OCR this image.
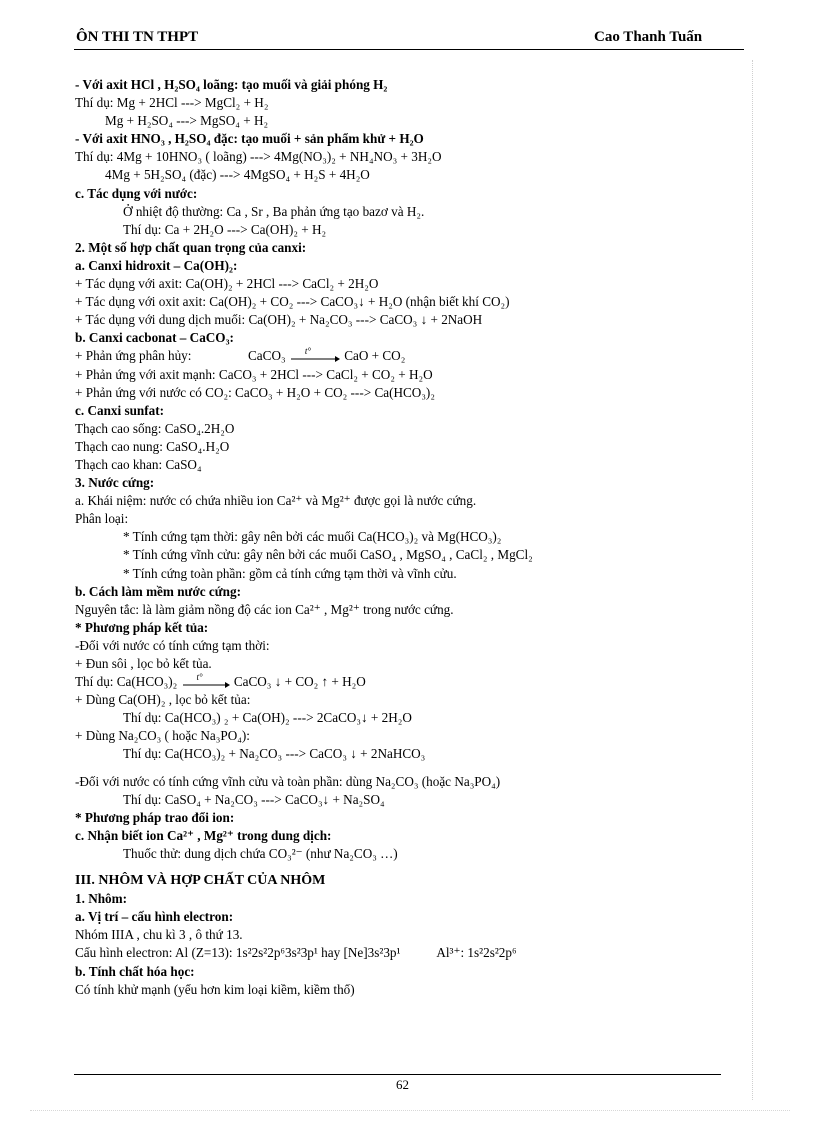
ÔN THI TN THPT	Cao Thanh Tuấn
- Với axit HCl , H₂SO₄ loãng: tạo muối và giải phóng H₂
Thí dụ: Mg + 2HCl ---> MgCl₂ + H₂
Mg + H₂SO₄ ---> MgSO₄ + H₂
- Với axit HNO₃ , H₂SO₄ đặc: tạo muối + sản phẩm khử + H₂O
Thí dụ: 4Mg + 10HNO₃ ( loãng) ---> 4Mg(NO₃)₂ + NH₄NO₃ + 3H₂O
4Mg + 5H₂SO₄ (đặc) ---> 4MgSO₄ + H₂S + 4H₂O
c. Tác dụng với nước:
Ở nhiệt độ thường: Ca , Sr , Ba phản ứng tạo bazơ và H₂.
Thí dụ: Ca + 2H₂O ---> Ca(OH)₂ + H₂
2. Một số hợp chất quan trọng của canxi:
a. Canxi hidroxit – Ca(OH)₂:
+ Tác dụng với axit: Ca(OH)₂ + 2HCl ---> CaCl₂ + 2H₂O
+ Tác dụng với oxit axit: Ca(OH)₂ + CO₂ ---> CaCO₃↓ + H₂O (nhận biết khí CO₂)
+ Tác dụng với dung dịch muối: Ca(OH)₂ + Na₂CO₃ ---> CaCO₃ ↓ + 2NaOH
b. Canxi cacbonat – CaCO₃:
+ Phản ứng phân hủy:	CaCO₃ t°	CaO + CO₂
+ Phản ứng với axit mạnh: CaCO₃ + 2HCl ---> CaCl₂ + CO₂ + H₂O
+ Phản ứng với nước có CO₂: CaCO₃ + H₂O + CO₂ ---> Ca(HCO₃)₂
c. Canxi sunfat:
Thạch cao sống: CaSO₄.2H₂O
Thạch cao nung: CaSO₄.H₂O
Thạch cao khan: CaSO₄
3. Nước cứng:
a. Khái niệm: nước có chứa nhiều ion Ca²⁺ và Mg²⁺ được gọi là nước cứng.
Phân loại:
* Tính cứng tạm thời: gây nên bởi các muối Ca(HCO₃)₂ và Mg(HCO₃)₂
* Tính cứng vĩnh cửu: gây nên bởi các muối CaSO₄ , MgSO₄ , CaCl₂ , MgCl₂
* Tính cứng toàn phần: gồm cả tính cứng tạm thời và vĩnh cửu.
b. Cách làm mềm nước cứng:
Nguyên tắc: là làm giảm nồng độ các ion Ca²⁺ , Mg²⁺ trong nước cứng.
* Phương pháp kết tủa:
-Đối với nước có tính cứng tạm thời:
+ Đun sôi , lọc bỏ kết tủa.
Thí dụ: Ca(HCO₃)₂ t° CaCO₃ ↓ + CO₂ ↑ + H₂O
+ Dùng Ca(OH)₂ , lọc bỏ kết tủa:
Thí dụ: Ca(HCO₃) ₂ + Ca(OH)₂ ---> 2CaCO₃↓ + 2H₂O
+ Dùng Na₂CO₃ ( hoặc Na₃PO₄):
Thí dụ: Ca(HCO₃)₂ + Na₂CO₃ ---> CaCO₃ ↓ + 2NaHCO₃
-Đối với nước có tính cứng vĩnh cửu và toàn phần: dùng Na₂CO₃ (hoặc Na₃PO₄)
Thí dụ: CaSO₄ + Na₂CO₃ ---> CaCO₃↓ + Na₂SO₄
* Phương pháp trao đổi ion:
c. Nhận biết ion Ca²⁺ , Mg²⁺ trong dung dịch:
Thuốc thử: dung dịch chứa CO₃²⁻ (như Na₂CO₃ …)
III. NHÔM VÀ HỢP CHẤT CỦA NHÔM
1. Nhôm:
a. Vị trí – cấu hình electron:
Nhóm IIIA , chu kì 3 , ô thứ 13.
Cấu hình electron: Al (Z=13): 1s²2s²2p⁶3s²3p¹ hay [Ne]3s²3p¹	Al³⁺: 1s²2s²2p⁶
b. Tính chất hóa học:
Có tính khử mạnh (yếu hơn kim loại kiềm, kiềm thổ)
62
